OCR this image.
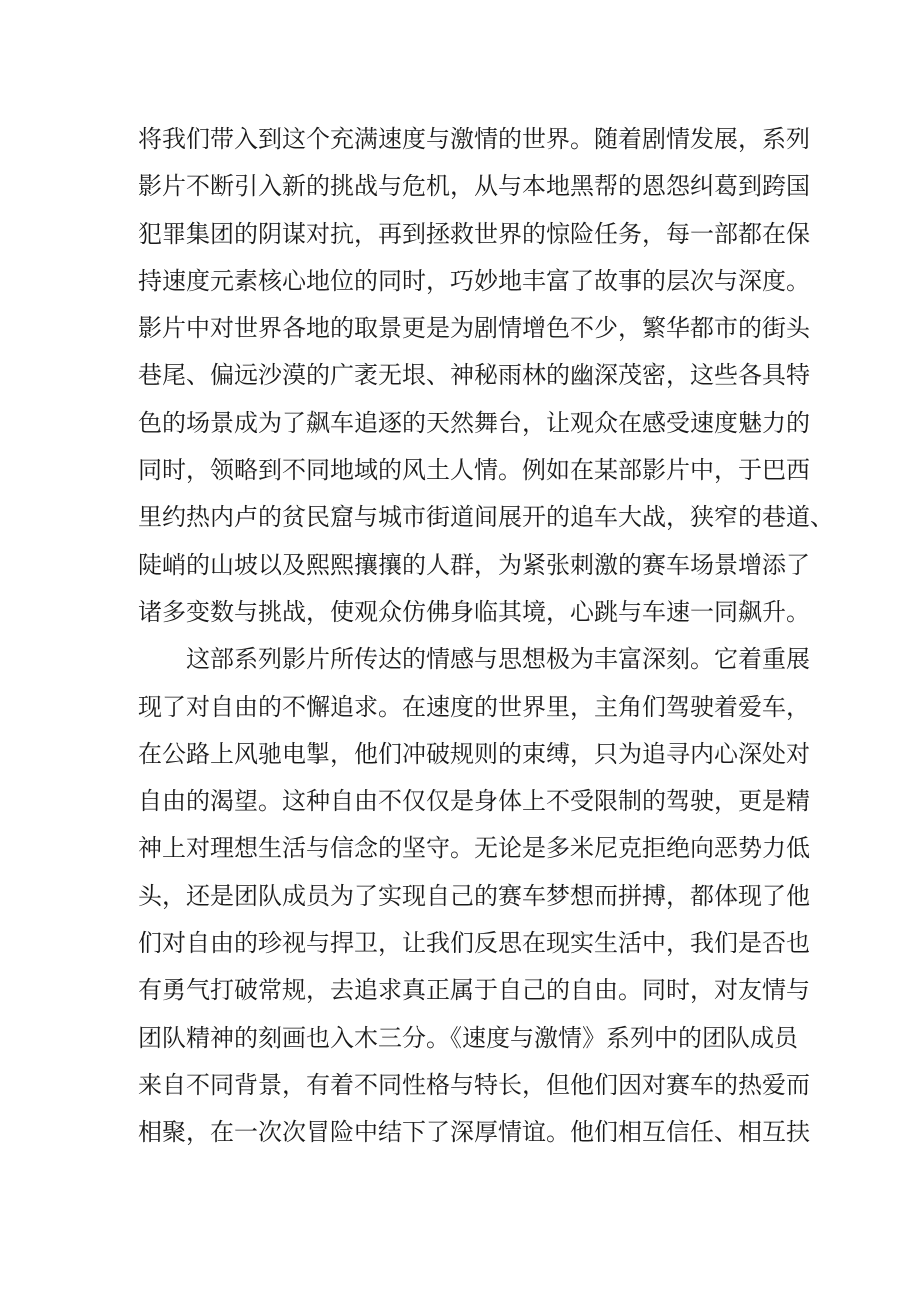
将我们带入到这个充满速度与激情的世界。随着剧情发展，系列

影片不断引入新的挑战与危机，从与本地黑帮的恩怨纠葛到跨国

犯罪集团的阴谋对抗，再到拯救世界的惊险任务，每一部都在保

持速度元素核心地位的同时，巧妙地丰富了故事的层次与深度。

影片中对世界各地的取景更是为剧情增色不少，繁华都市的街头

巷尾、偏远沙漠的广袤无垠、神秘雨林的幽深茂密，这些各具特

色的场景成为了飙车追逐的天然舞台，让观众在感受速度魅力的

同时，领略到不同地域的风土人情。例如在某部影片中，于巴西

里约热内卢的贫民窟与城市街道间展开的追车大战，狭窄的巷道、

陡峭的山坡以及熙熙攘攘的人群，为紧张刺激的赛车场景增添了

诸多变数与挑战，使观众仿佛身临其境，心跳与车速一同飙升。

这部系列影片所传达的情感与思想极为丰富深刻。它着重展

现了对自由的不懈追求。在速度的世界里，主角们驾驶着爱车，

在公路上风驰电掣，他们冲破规则的束缚，只为追寻内心深处对

自由的渴望。这种自由不仅仅是身体上不受限制的驾驶，更是精

神上对理想生活与信念的坚守。无论是多米尼克拒绝向恶势力低

头，还是团队成员为了实现自己的赛车梦想而拼搏，都体现了他

们对自由的珍视与捍卫，让我们反思在现实生活中，我们是否也

有勇气打破常规，去追求真正属于自己的自由。同时，对友情与

团队精神的刻画也入木三分。《速度与激情》系列中的团队成员

来自不同背景，有着不同性格与特长，但他们因对赛车的热爱而

相聚，在一次次冒险中结下了深厚情谊。他们相互信任、相互扶
